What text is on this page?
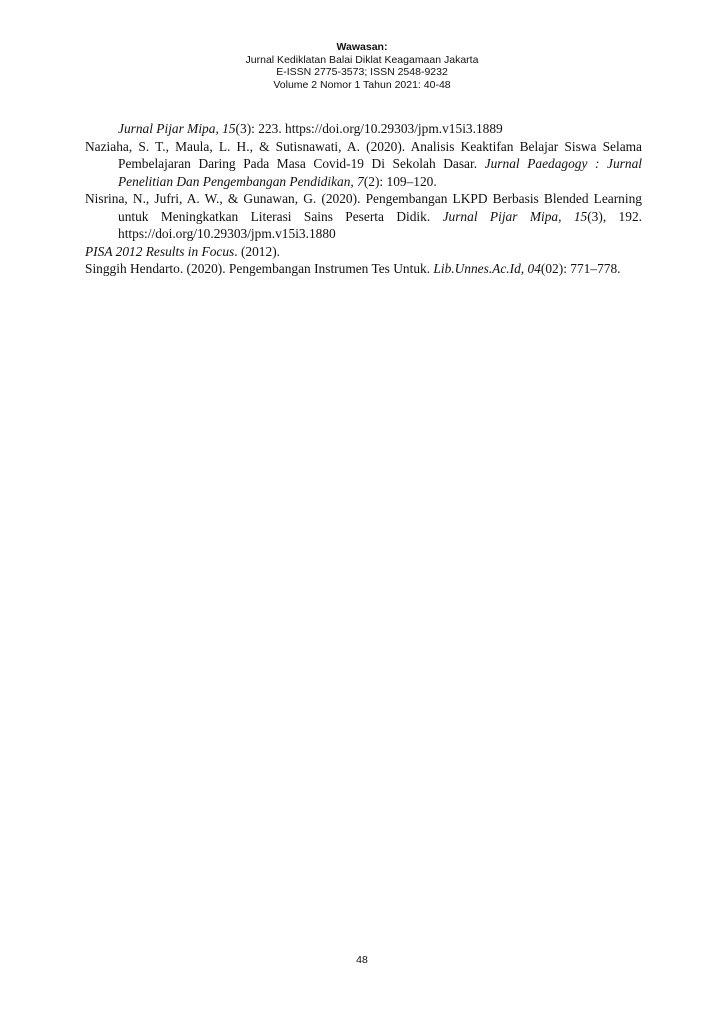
Wawasan:
Jurnal Kediklatan Balai Diklat Keagamaan Jakarta
E-ISSN 2775-3573; ISSN 2548-9232
Volume 2 Nomor 1 Tahun 2021: 40-48

Jurnal Pijar Mipa, 15(3): 223. https://doi.org/10.29303/jpm.v15i3.1889

Naziaha, S. T., Maula, L. H., & Sutisnawati, A. (2020). Analisis Keaktifan Belajar Siswa Selama Pembelajaran Daring Pada Masa Covid-19 Di Sekolah Dasar. Jurnal Paedagogy : Jurnal Penelitian Dan Pengembangan Pendidikan, 7(2): 109–120.

Nisrina, N., Jufri, A. W., & Gunawan, G. (2020). Pengembangan LKPD Berbasis Blended Learning untuk Meningkatkan Literasi Sains Peserta Didik. Jurnal Pijar Mipa, 15(3), 192. https://doi.org/10.29303/jpm.v15i3.1880

PISA 2012 Results in Focus. (2012).

Singgih Hendarto. (2020). Pengembangan Instrumen Tes Untuk. Lib.Unnes.Ac.Id, 04(02): 771–778.

48
